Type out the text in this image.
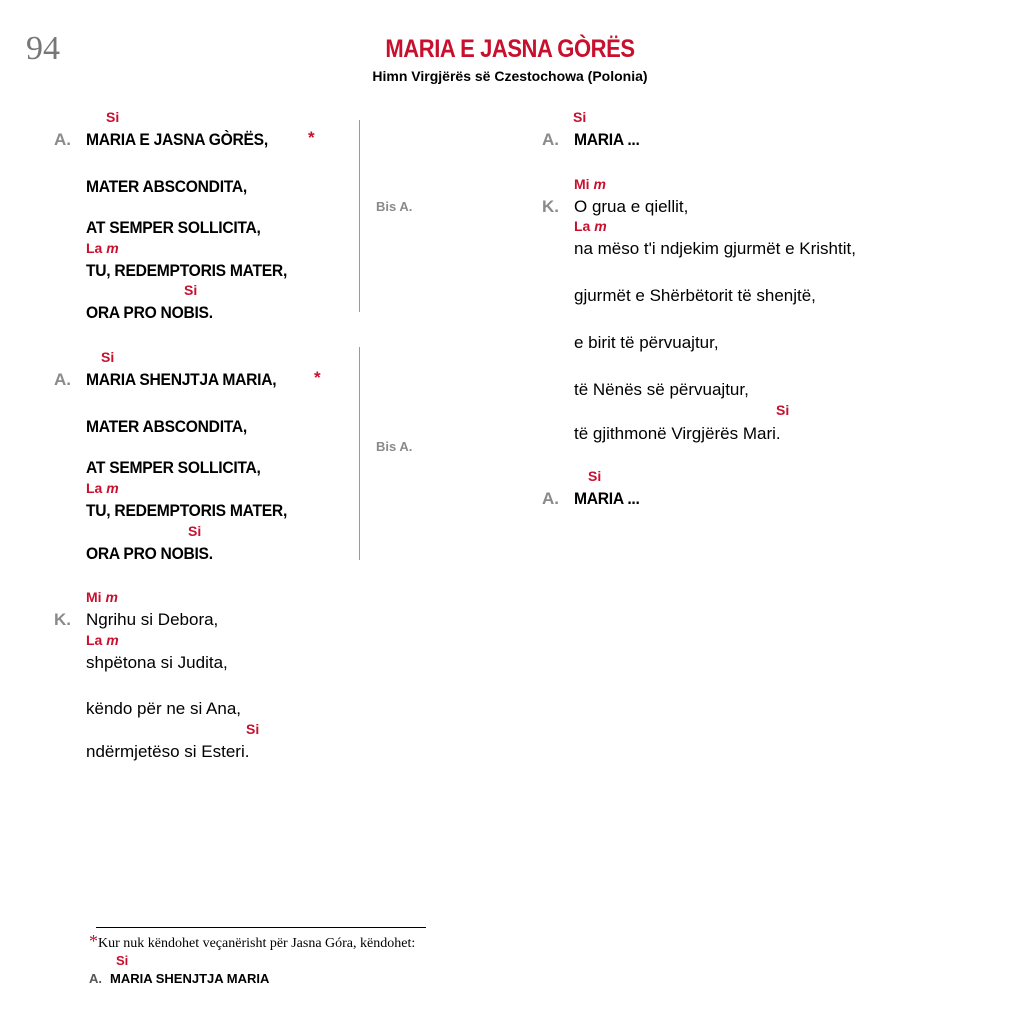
94	MARIA E JASNA GÒRËS
Himn Virgjërës së Czestochowa (Polonia)
Si
A. MARIA E JASNA GÒRËS, *
MATER ABSCONDITA,
AT SEMPER SOLLICITA,
La m
TU, REDEMPTORIS MATER,
Si
ORA PRO NOBIS.
Bis A.
Si
A. MARIA SHENJTJA MARIA, *
MATER ABSCONDITA,
AT SEMPER SOLLICITA,
La m
TU, REDEMPTORIS MATER,
Si
ORA PRO NOBIS.
Bis A.
Mi m
K. Ngrihu si Debora,
La m
shpëtona si Judita,
këndo për ne si Ana,
Si
ndërmjetëso si Esteri.
Si
A. MARIA ...
Mi m
K. O grua e qiellit,
La m
na mëso t'i ndjekim gjurmët e Krishtit,
gjurmët e Shërbëtorit të shenjtë,
e birit të përvuajtur,
të Nënës së përvuajtur,
Si
të gjithmonë Virgjërës Mari.
Si
A. MARIA ...
*Kur nuk këndohet veçanërisht për Jasna Góra, këndohet:
Si
A. MARIA SHENJTJA MARIA
